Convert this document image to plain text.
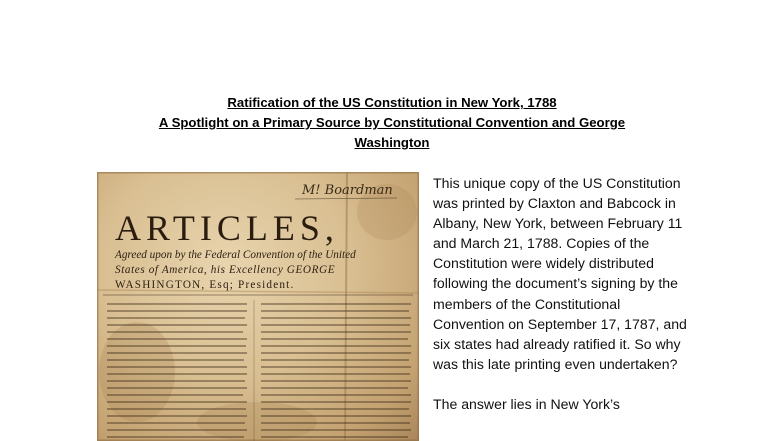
Ratification of the US Constitution in New York, 1788
A Spotlight on a Primary Source by Constitutional Convention and George
Washington
M! Boardman
ARTICLES,
Agreed upon by the Federal Convention of the United
States of America, his Excellency GEORGE
WASHINGTON, Esq; President.

This unique copy of the US Constitution was printed by Claxton and Babcock in Albany, New York, between February 11 and March 21, 1788. Copies of the Constitution were widely distributed following the document’s signing by the members of the Constitutional Convention on September 17, 1787, and six states had already ratified it. So why was this late printing even undertaken?

The answer lies in New York’s
